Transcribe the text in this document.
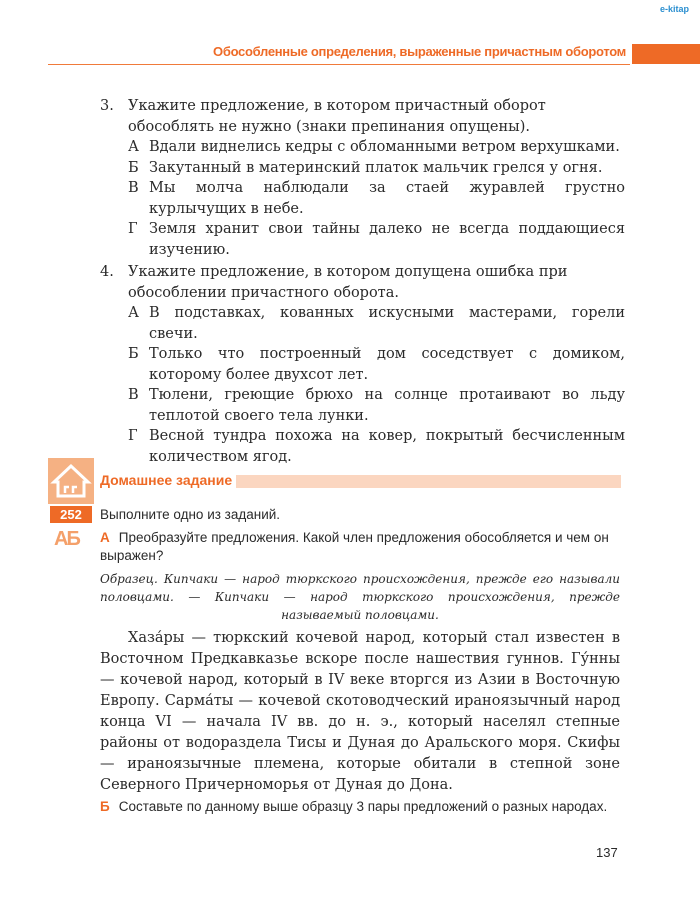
e-kitap
Обособленные определения, выраженные причастным оборотом
3. Укажите предложение, в котором причастный оборот обособлять не нужно (знаки препинания опущены).
А Вдали виднелись кедры с обломанными ветром верхушками.
Б Закутанный в материнский платок мальчик грелся у огня.
В Мы молча наблюдали за стаей журавлей грустно курлычущих в небе.
Г Земля хранит свои тайны далеко не всегда поддающиеся изучению.
4. Укажите предложение, в котором допущена ошибка при обособлении причастного оборота.
А В подставках, кованных искусными мастерами, горели свечи.
Б Только что построенный дом соседствует с домиком, которому более двухсот лет.
В Тюлени, греющие брюхо на солнце протаивают во льду теплотой своего тела лунки.
Г Весной тундра похожа на ковер, покрытый бесчисленным количеством ягод.
Домашнее задание
252	Выполните одно из заданий.
АБ А Преобразуйте предложения. Какой член предложения обособляется и чем он выражен?
Образец. Кипчаки — народ тюркского происхождения, прежде его называли половцами. — Кипчаки — народ тюркского происхождения, прежде называемый половцами.
Хаза́ры — тюркский кочевой народ, который стал известен в Восточном Предкавказье вскоре после нашествия гуннов. Гу́нны — кочевой народ, который в IV веке вторгся из Азии в Восточную Европу. Сарма́ты — кочевой скотоводческий ираноязычный народ конца VI — начала IV вв. до н. э., который населял степные районы от водораздела Тисы и Дуная до Аральского моря. Скифы — ираноязычные племена, которые обитали в степной зоне Северного Причерноморья от Дуная до Дона.
Б Составьте по данному выше образцу 3 пары предложений о разных народах.
137
